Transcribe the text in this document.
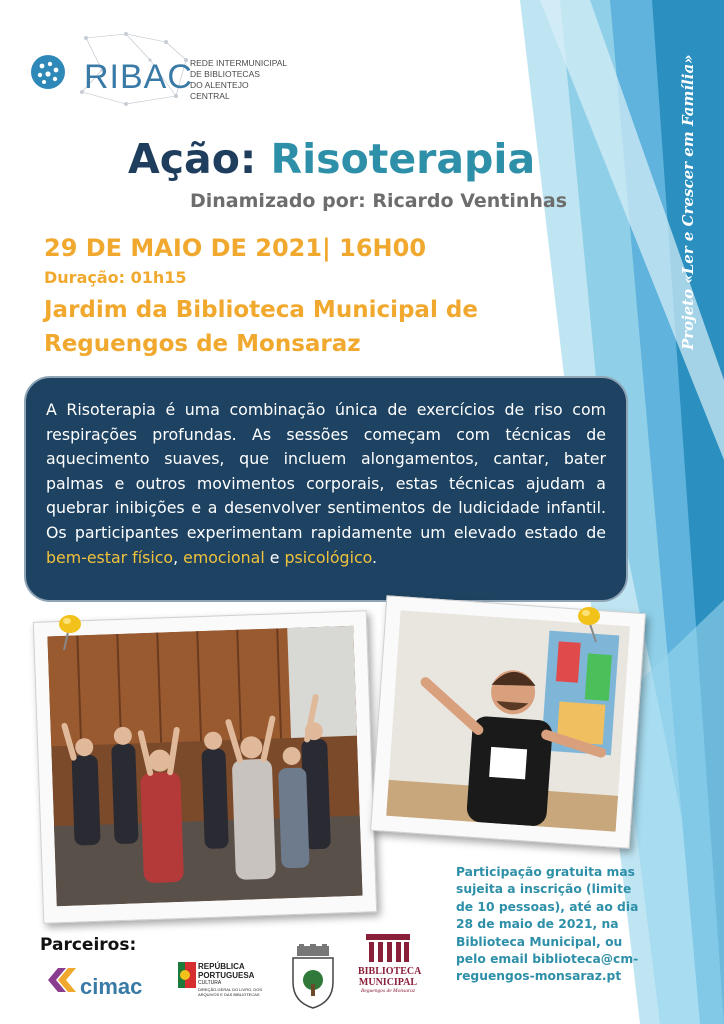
Projeto «Ler e Crescer em Família»
RIBAC
REDE INTERMUNICIPAL
DE BIBLIOTECAS
DO ALENTEJO CENTRAL
Ação: Risoterapia
Dinamizado por: Ricardo Ventinhas
29 DE MAIO DE 2021| 16H00
Duração: 01h15
Jardim da Biblioteca Municipal de
Reguengos de Monsaraz
A Risoterapia é uma combinação única de exercícios de riso com respirações profundas. As sessões começam com técnicas de aquecimento suaves, que incluem alongamentos, cantar, bater palmas e outros movimentos corporais, estas técnicas ajudam a quebrar inibições e a desenvolver sentimentos de ludicidade infantil. Os participantes experimentam rapidamente um elevado estado de bem-estar físico, emocional e psicológico.
Participação gratuita mas sujeita a inscrição (limite de 10 pessoas), até ao dia 28 de maio de 2021, na Biblioteca Municipal, ou pelo email biblioteca@cm-reguengos-monsaraz.pt
Parceiros:
cimac
REPÚBLICA
PORTUGUESA
CULTURA
DIREÇÃO-GERAL DO LIVRO, DOS ARQUIVOS E DAS BIBLIOTECAS
BIBLIOTECA
MUNICIPAL
Reguengos de Monsaraz
